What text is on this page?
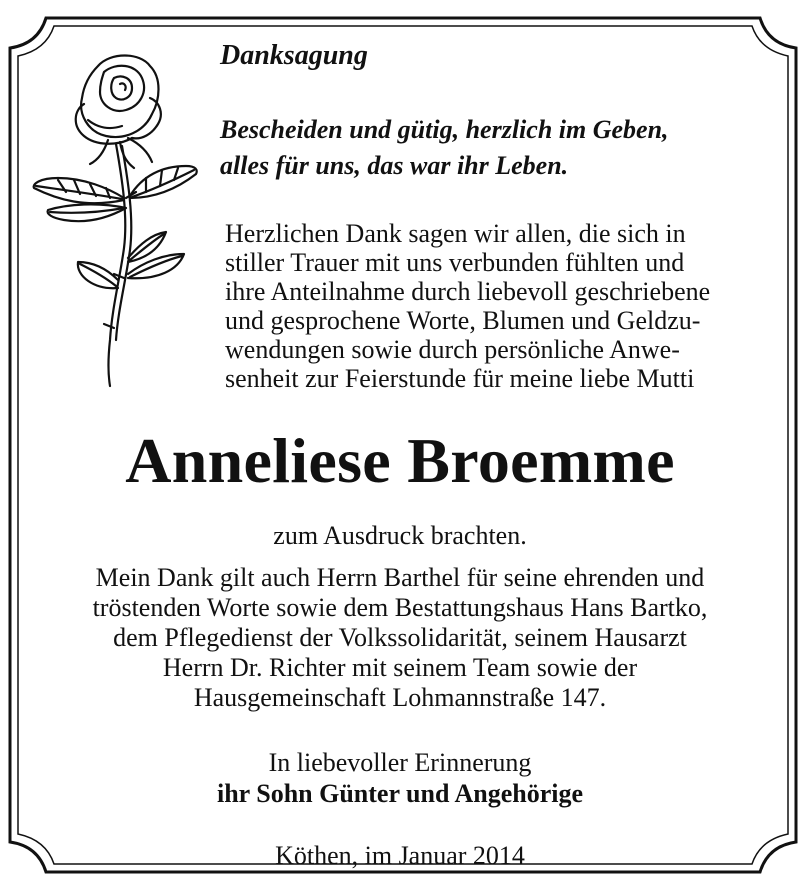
Danksagung

Bescheiden und gütig, herzlich im Geben,
alles für uns, das war ihr Leben.

Herzlichen Dank sagen wir allen, die sich in
stiller Trauer mit uns verbunden fühlten und
ihre Anteilnahme durch liebevoll geschriebene
und gesprochene Worte, Blumen und Geldzu-
wendungen sowie durch persönliche Anwe-
senheit zur Feierstunde für meine liebe Mutti

Anneliese Broemme

zum Ausdruck brachten.

Mein Dank gilt auch Herrn Barthel für seine ehrenden und
tröstenden Worte sowie dem Bestattungshaus Hans Bartko,
dem Pflegedienst der Volkssolidarität, seinem Hausarzt
Herrn Dr. Richter mit seinem Team sowie der
Hausgemeinschaft Lohmannstraße 147.

In liebevoller Erinnerung

ihr Sohn Günter und Angehörige

Köthen, im Januar 2014
